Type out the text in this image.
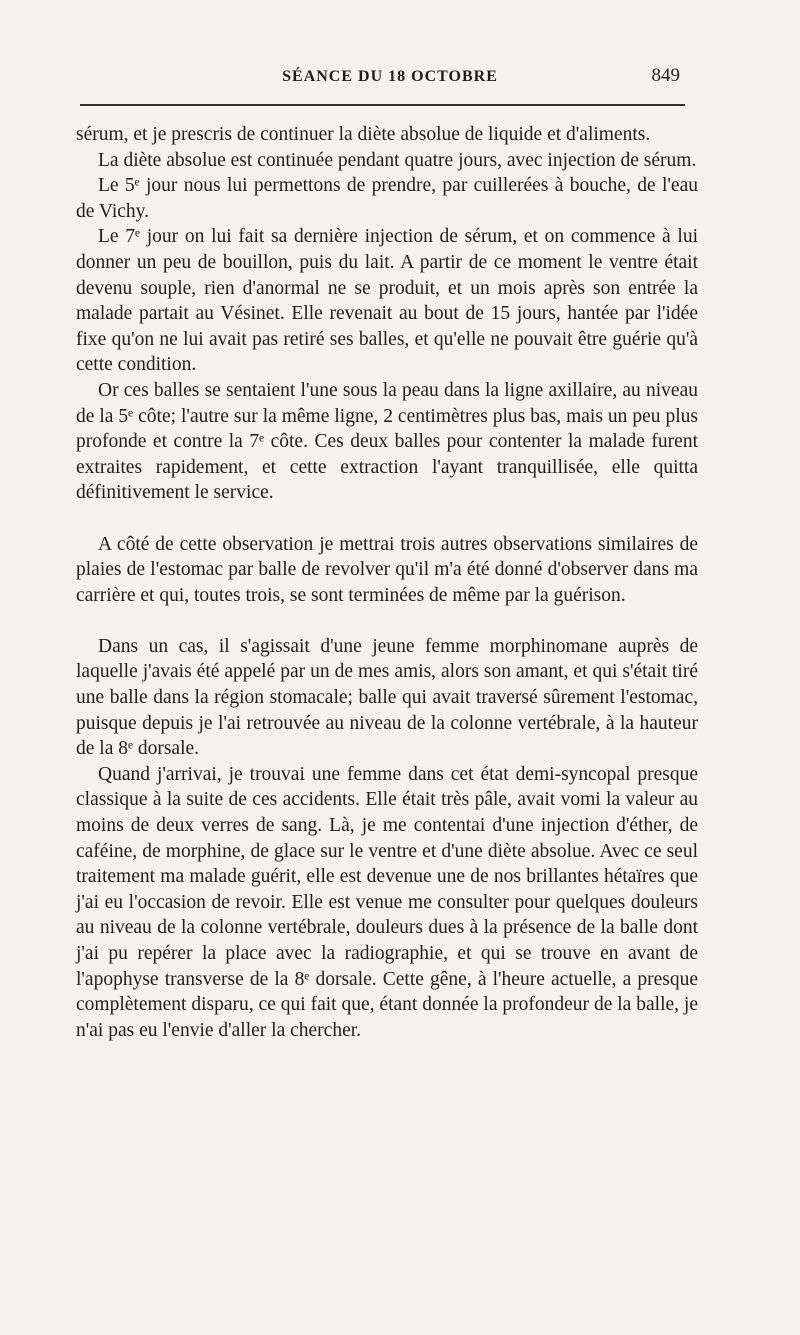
SÉANCE DU 18 OCTOBRE	849

sérum, et je prescris de continuer la diète absolue de liquide et d'aliments.

La diète absolue est continuée pendant quatre jours, avec injection de sérum.

Le 5ᵉ jour nous lui permettons de prendre, par cuillerées à bouche, de l'eau de Vichy.

Le 7ᵉ jour on lui fait sa dernière injection de sérum, et on commence à lui donner un peu de bouillon, puis du lait. A partir de ce moment le ventre était devenu souple, rien d'anormal ne se produit, et un mois après son entrée la malade partait au Vésinet. Elle revenait au bout de 15 jours, hantée par l'idée fixe qu'on ne lui avait pas retiré ses balles, et qu'elle ne pouvait être guérie qu'à cette condition.

Or ces balles se sentaient l'une sous la peau dans la ligne axillaire, au niveau de la 5ᵉ côte; l'autre sur la même ligne, 2 centimètres plus bas, mais un peu plus profonde et contre la 7ᵉ côte. Ces deux balles pour contenter la malade furent extraites rapidement, et cette extraction l'ayant tranquillisée, elle quitta définitivement le service.

A côté de cette observation je mettrai trois autres observations similaires de plaies de l'estomac par balle de revolver qu'il m'a été donné d'observer dans ma carrière et qui, toutes trois, se sont terminées de même par la guérison.

Dans un cas, il s'agissait d'une jeune femme morphinomane auprès de laquelle j'avais été appelé par un de mes amis, alors son amant, et qui s'était tiré une balle dans la région stomacale; balle qui avait traversé sûrement l'estomac, puisque depuis je l'ai retrouvée au niveau de la colonne vertébrale, à la hauteur de la 8ᵉ dorsale.

Quand j'arrivai, je trouvai une femme dans cet état demi-syncopal presque classique à la suite de ces accidents. Elle était très pâle, avait vomi la valeur au moins de deux verres de sang. Là, je me contentai d'une injection d'éther, de caféine, de morphine, de glace sur le ventre et d'une diète absolue. Avec ce seul traitement ma malade guérit, elle est devenue une de nos brillantes hétaïres que j'ai eu l'occasion de revoir. Elle est venue me consulter pour quelques douleurs au niveau de la colonne vertébrale, douleurs dues à la présence de la balle dont j'ai pu repérer la place avec la radiographie, et qui se trouve en avant de l'apophyse transverse de la 8ᵉ dorsale. Cette gêne, à l'heure actuelle, a presque complètement disparu, ce qui fait que, étant donnée la profondeur de la balle, je n'ai pas eu l'envie d'aller la chercher.
